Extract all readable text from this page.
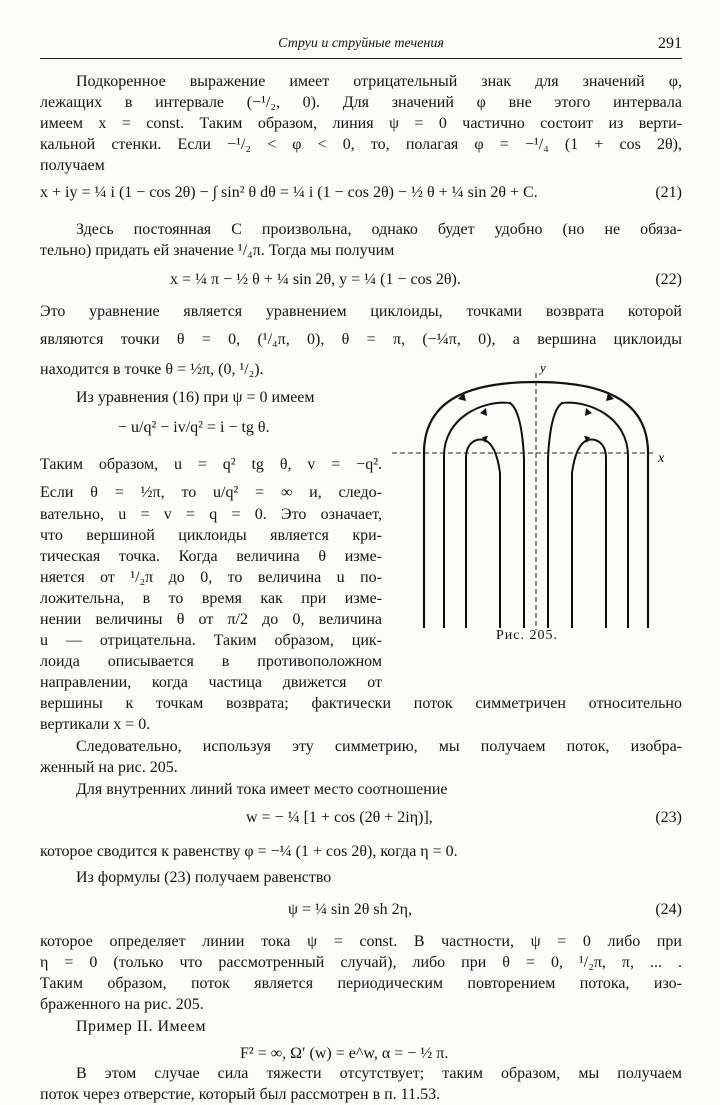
Струи и струйные течения	291
Подкоренное выражение имеет отрицательный знак для значений φ,
лежащих в интервале (−¹/₂, 0). Для значений φ вне этого интервала
имеем x = const. Таким образом, линия ψ = 0 частично состоит из верти-
кальной стенки. Если −¹/₂ < φ < 0, то, полагая φ = −¹/₄ (1 + cos 2θ),
получаем
x + iy = ¼ i (1 − cos 2θ) − ∫ sin² θ dθ = ¼ i (1 − cos 2θ) − ½ θ + ¼ sin 2θ + C.	(21)
Здесь постоянная C произвольна, однако будет удобно (но не обяза-
тельно) придать ей значение ¹/₄π. Тогда мы получим
x = ¼ π − ½ θ + ¼ sin 2θ, y = ¼ (1 − cos 2θ).	(22)
Это уравнение является уравнением циклоиды, точками возврата которой
являются точки θ = 0, (¹/₄π, 0), θ = π, (−¼π, 0), а вершина циклоиды
находится в точке θ = ½π, (0, ¹/₂).
Из уравнения (16) при ψ = 0 имеем
− u/q² − iv/q² = i − tg θ.
Таким образом, u = q² tg θ, v = −q².
Если θ = ½π, то u/q² = ∞ и, следо-
вательно, u = v = q = 0. Это означает,
что вершиной циклоиды является кри-
тическая точка. Когда величина θ изме-
няется от ¹/₂π до 0, то величина u по-
ложительна, в то время как при изме-
нении величины θ от π/2 до 0, величина
u — отрицательна. Таким образом, цик-
лоида описывается в противоположном
направлении, когда частица движется от
вершины к точкам возврата; фактически поток симметричен относительно
вертикали x = 0.
Следовательно, используя эту симметрию, мы получаем поток, изобра-
женный на рис. 205.
Для внутренних линий тока имеет место соотношение
w = − ¼ [1 + cos (2θ + 2iη)],	(23)
которое сводится к равенству φ = −¼ (1 + cos 2θ), когда η = 0.
Из формулы (23) получаем равенство
ψ = ¼ sin 2θ sh 2η,	(24)
которое определяет линии тока ψ = const. В частности, ψ = 0 либо при
η = 0 (только что рассмотренный случай), либо при θ = 0, ¹/₂π, π, ... .
Таким образом, поток является периодическим повторением потока, изо-
браженного на рис. 205.
Пример II. Имеем
F² = ∞, Ω′ (w) = e^w, α = − ½ π.
В этом случае сила тяжести отсутствует; таким образом, мы получаем
поток через отверстие, который был рассмотрен в п. 11.53.
y
x
Рис. 205.
